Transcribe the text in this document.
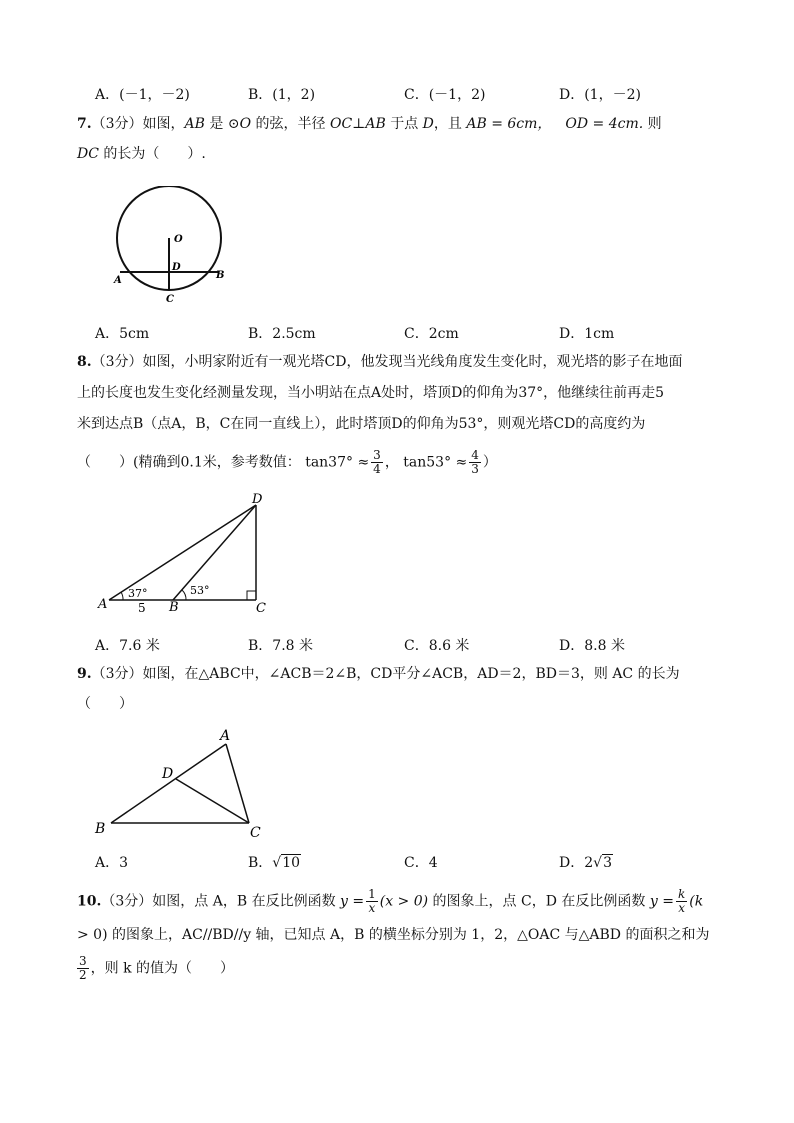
A．(－1，－2)	B．(1，2)	C．(－1，2)	D．(1，－2)
7.（3分）如图，AB 是 ⊙O 的弦，半径 OC⊥AB 于点 D，且 AB = 6cm， OD = 4cm. 则
DC 的长为（　　）.
O
D
A	B
C
A．5cm	B．2.5cm	C．2cm	D．1cm
8.（3分）如图，小明家附近有一观光塔CD，他发现当光线角度发生变化时，观光塔的影子在地面
上的长度也发生变化经测量发现，当小明站在点A处时，塔顶D的仰角为37°，他继续往前再走5
米到达点B（点A，B，C在同一直线上），此时塔顶D的仰角为53°，则观光塔CD的高度约为
（　　）(精确到0.1米，参考数值： $\tan 37^\circ \approx \frac{3}{4}$ ， $\tan 53^\circ \approx \frac{4}{3}$ ）
D
A	B	C
37°	53°
5
A．7.6 米	B．7.8 米	C．8.6 米	D．8.8 米
9.（3分）如图，在△ABC中，∠ACB＝2∠B，CD平分∠ACB，AD＝2，BD＝3，则 AC 的长为
（　　）
A
D
B	C
A．3	B．√10	C．4	D．2√3
10.（3分）如图，点 A，B 在反比例函数 $y = \frac{1}{x} (x > 0)$ 的图象上，点 C，D 在反比例函数 $y = \frac{k}{x} (k$
> 0) 的图象上，AC//BD//y 轴，已知点 A，B 的横坐标分别为 1，2，△OAC 与△ABD 的面积之和为
$\frac{3}{2}$ ，则 k 的值为（　　）
